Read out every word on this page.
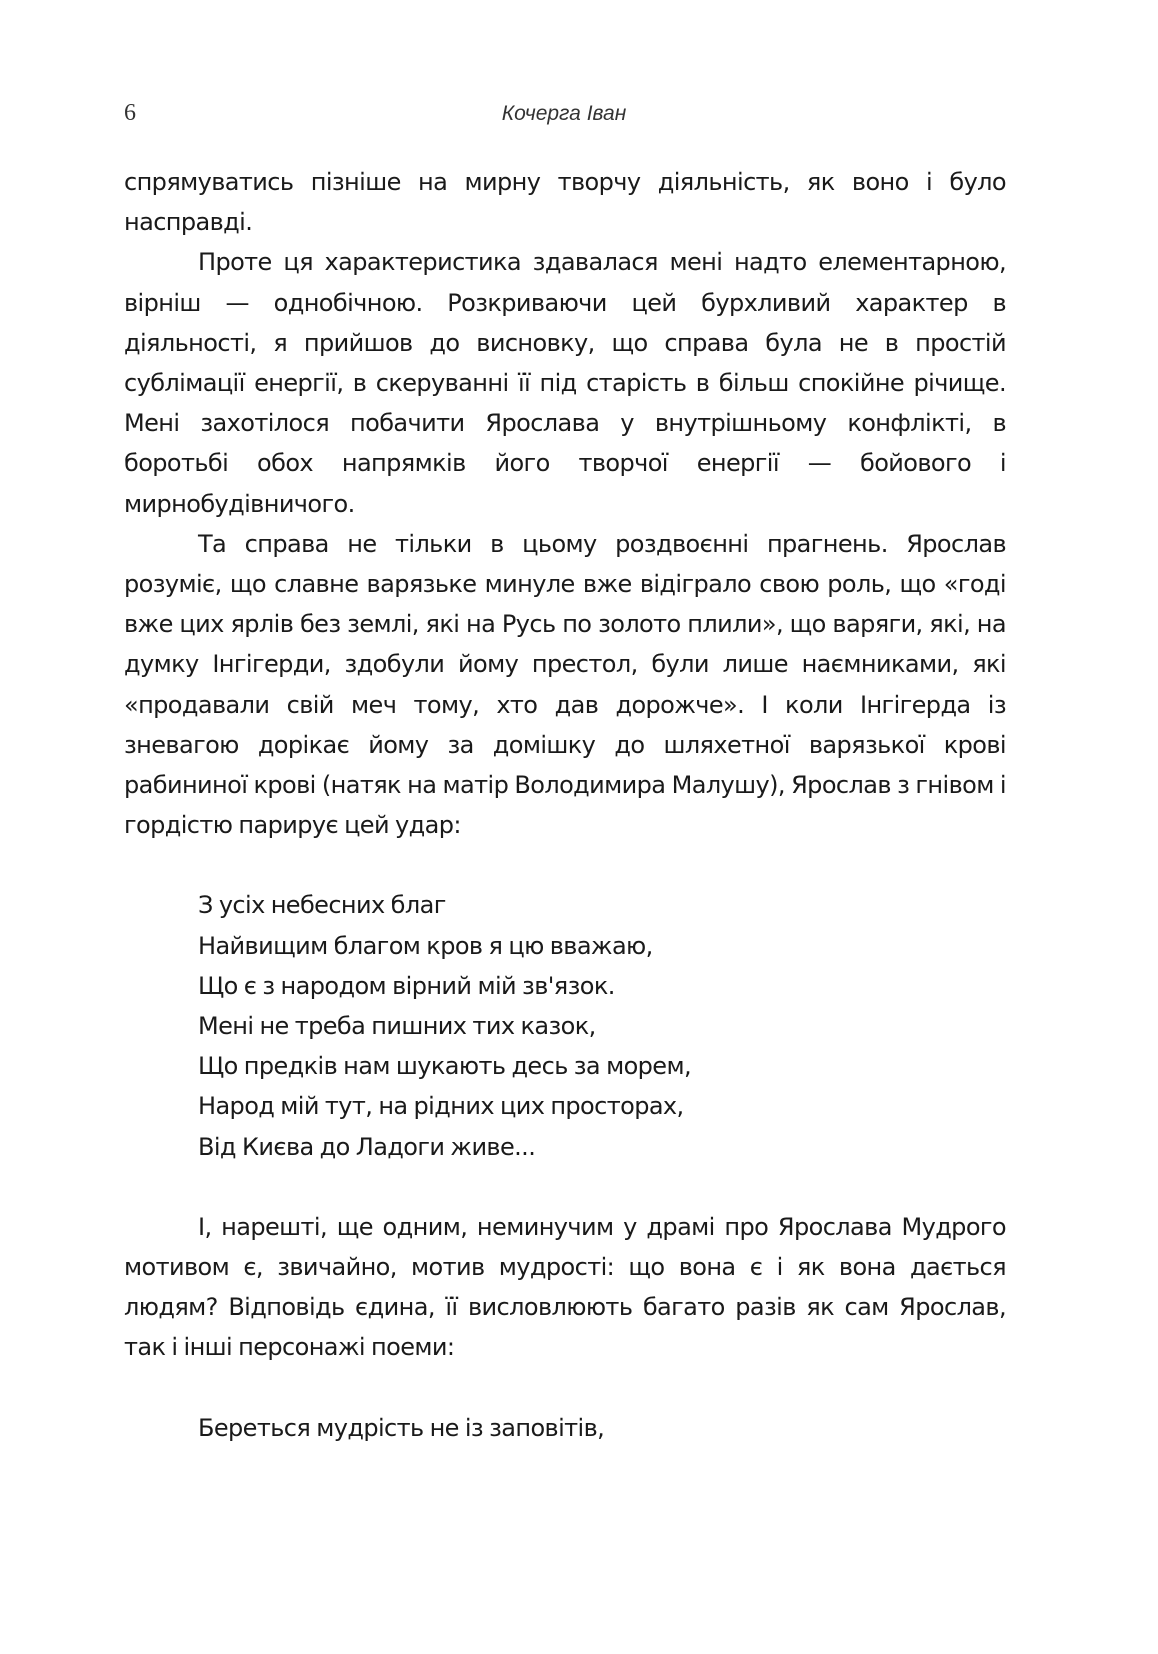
6	Кочерга Іван

спрямуватись пізніше на мирну творчу діяльність, як воно і було насправді.

Проте ця характеристика здавалася мені надто елементарною, вірніш — однобічною. Розкриваючи цей бурхливий характер в діяльності, я прийшов до висновку, що справа була не в простій сублімації енергії, в скеруванні її під старість в більш спокійне річище. Мені захотілося побачити Ярослава у внутрішньому конфлікті, в боротьбі обох напрямків його творчої енергії — бойового і мирнобудівничого.

Та справа не тільки в цьому роздвоєнні прагнень. Ярослав розуміє, що славне варязьке минуле вже відіграло свою роль, що «годі вже цих ярлів без землі, які на Русь по золото плили», що варяги, які, на думку Інгігерди, здобули йому престол, були лише наємниками, які «продавали свій меч тому, хто дав дорожче». І коли Інгігерда із зневагою дорікає йому за домішку до шляхетної варязької крові рабининої крові (натяк на матір Володимира Малушу), Ярослав з гнівом і гордістю парирує цей удар:

З усіх небесних благ
Найвищим благом кров я цю вважаю,
Що є з народом вірний мій зв'язок.
Мені не треба пишних тих казок,
Що предків нам шукають десь за морем,
Народ мій тут, на рідних цих просторах,
Від Києва до Ладоги живе...

І, нарешті, ще одним, неминучим у драмі про Ярослава Мудрого мотивом є, звичайно, мотив мудрості: що вона є і як вона дається людям? Відповідь єдина, її висловлюють багато разів як сам Ярослав, так і інші персонажі поеми:

Береться мудрість не із заповітів,
